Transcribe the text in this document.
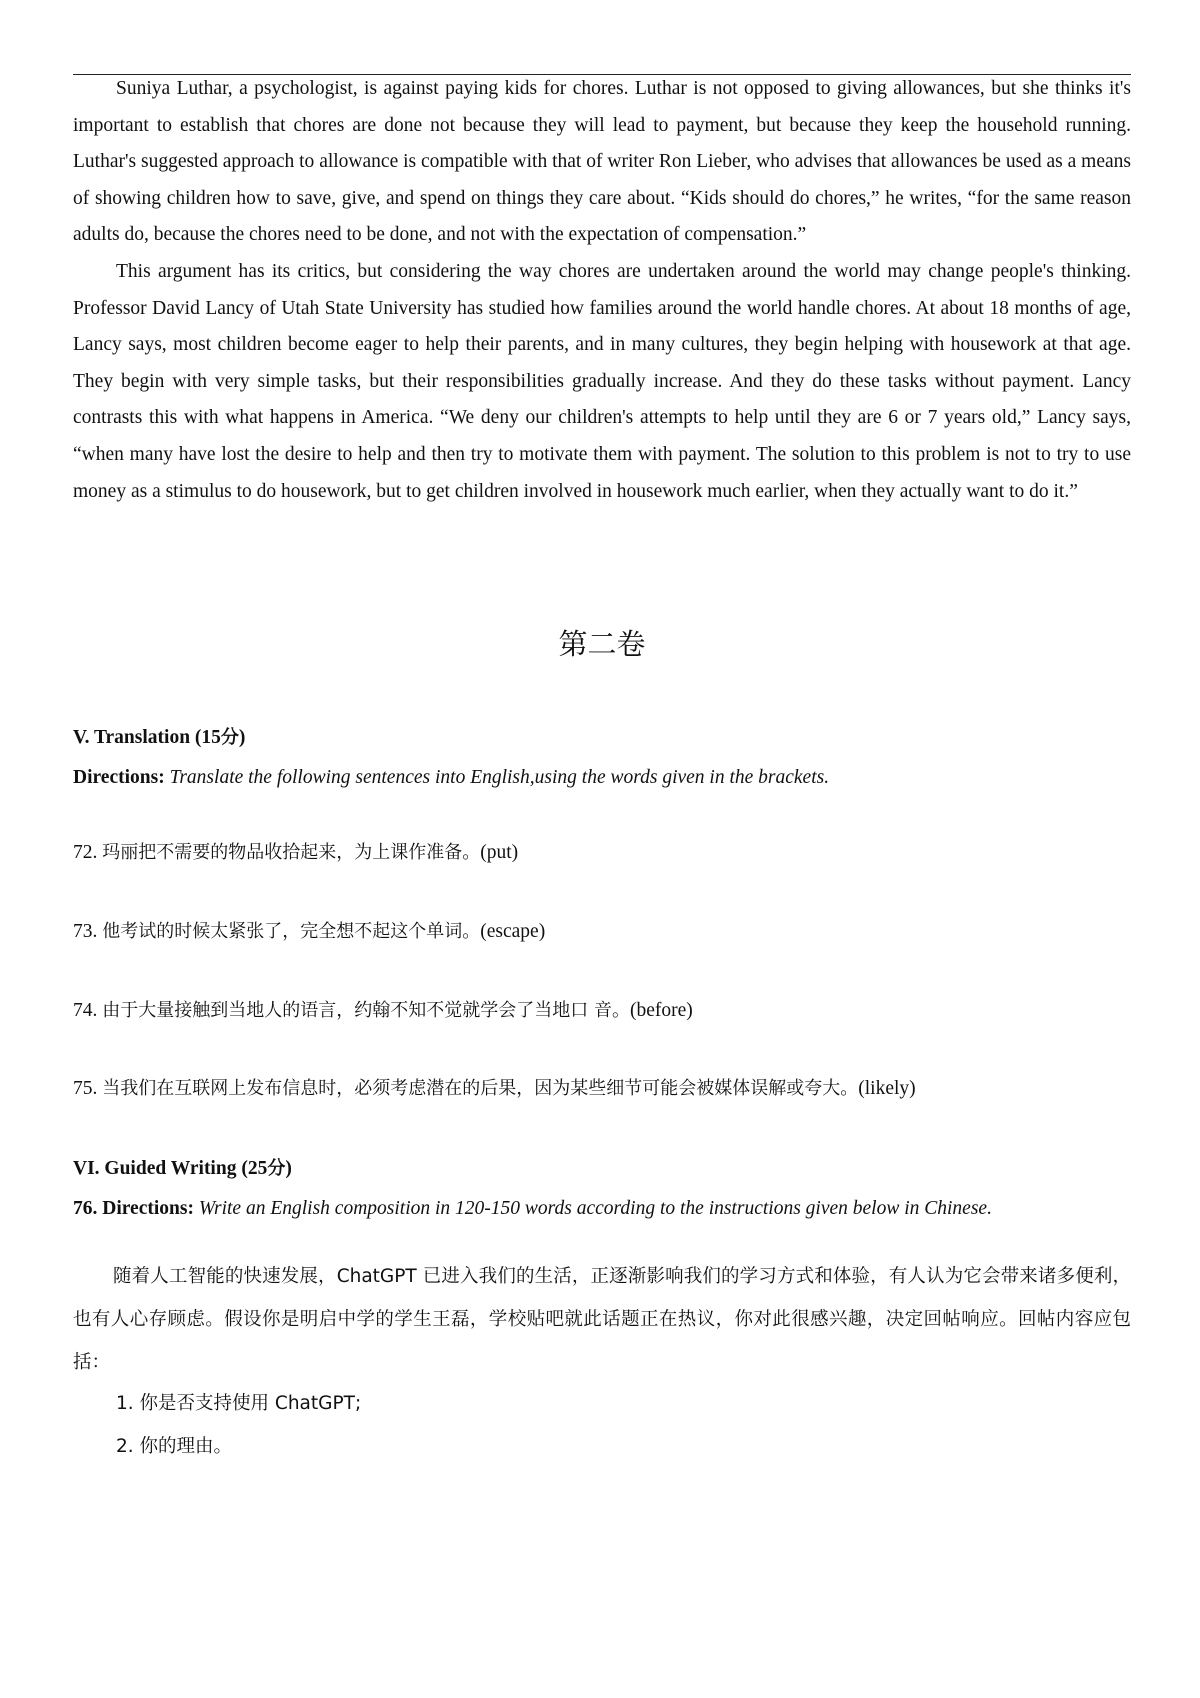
Suniya Luthar, a psychologist, is against paying kids for chores. Luthar is not opposed to giving allowances, but she thinks it's important to establish that chores are done not because they will lead to payment, but because they keep the household running. Luthar's suggested approach to allowance is compatible with that of writer Ron Lieber, who advises that allowances be used as a means of showing children how to save, give, and spend on things they care about. “Kids should do chores,” he writes, “for the same reason adults do, because the chores need to be done, and not with the expectation of compensation.”

This argument has its critics, but considering the way chores are undertaken around the world may change people's thinking. Professor David Lancy of Utah State University has studied how families around the world handle chores. At about 18 months of age, Lancy says, most children become eager to help their parents, and in many cultures, they begin helping with housework at that age. They begin with very simple tasks, but their responsibilities gradually increase. And they do these tasks without payment. Lancy contrasts this with what happens in America. “We deny our children's attempts to help until they are 6 or 7 years old,” Lancy says, “when many have lost the desire to help and then try to motivate them with payment. The solution to this problem is not to try to use money as a stimulus to do housework, but to get children involved in housework much earlier, when they actually want to do it.”

第二卷
V. Translation (15分)
Directions: Translate the following sentences into English,using the words given in the brackets.
72. 玛丽把不需要的物品收拾起来，为上课作准备。(put)
73. 他考试的时候太紧张了，完全想不起这个单词。(escape)
74. 由于大量接触到当地人的语言，约翰不知不觉就学会了当地口 音。(before)
75. 当我们在互联网上发布信息时，必须考虑潜在的后果，因为某些细节可能会被媒体误解或夸大。(likely)
VI. Guided Writing (25分)
76. Directions: Write an English composition in 120-150 words according to the instructions given below in Chinese.

随着人工智能的快速发展，ChatGPT 已进入我们的生活，正逐渐影响我们的学习方式和体验，有人认为它会带来诸多便利，也有人心存顾虑。假设你是明启中学的学生王磊，学校贴吧就此话题正在热议，你对此很感兴趣，决定回帖响应。回帖内容应包括：

1. 你是否支持使用 ChatGPT;
2. 你的理由。
